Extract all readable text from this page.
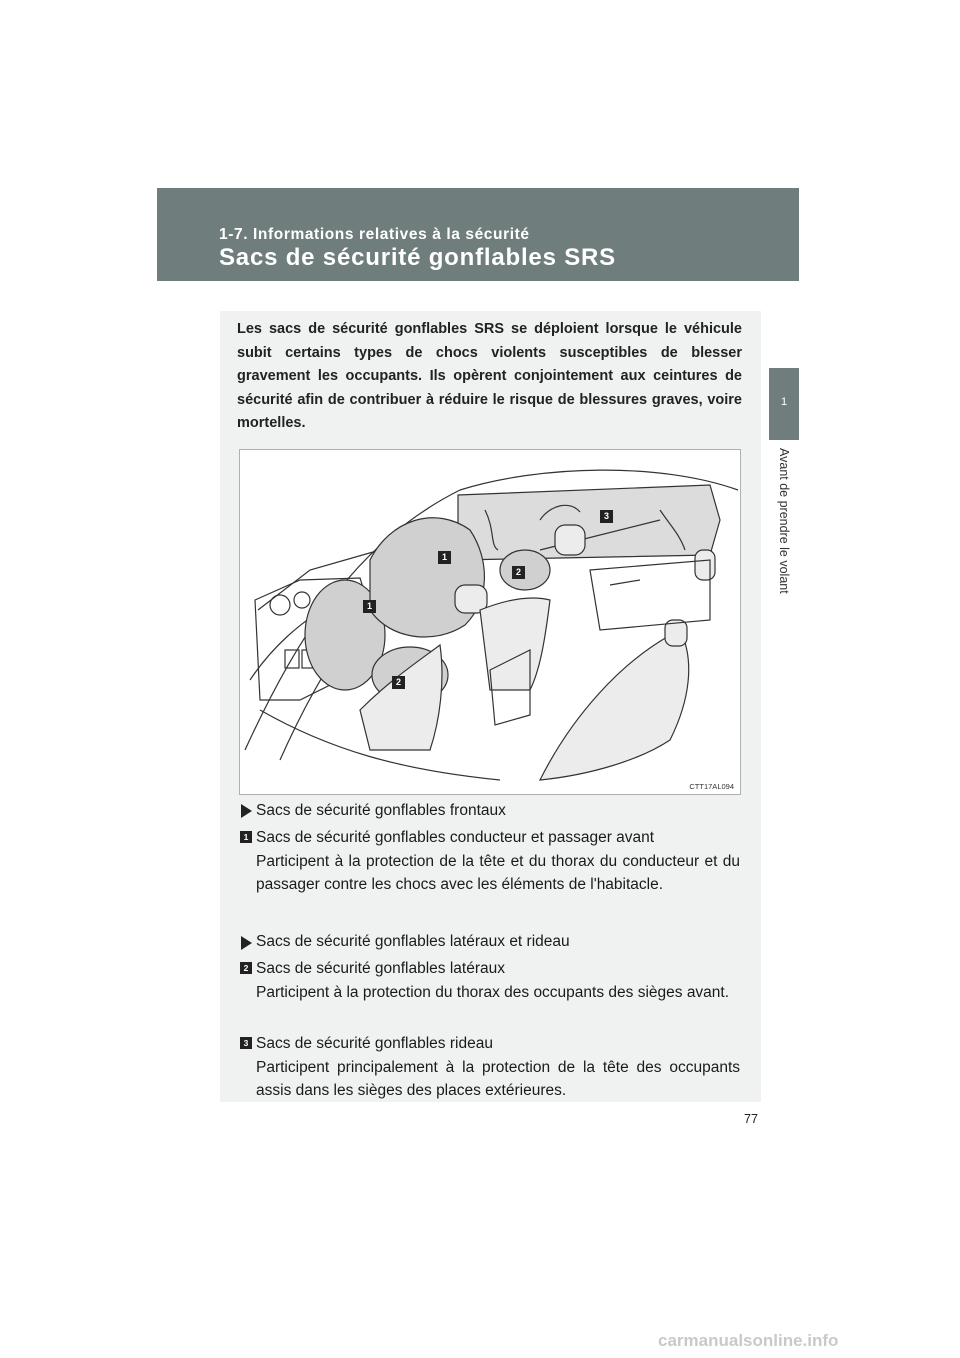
1-7. Informations relatives à la sécurité
Sacs de sécurité gonflables SRS
1
Avant de prendre le volant
Les sacs de sécurité gonflables SRS se déploient lorsque le véhicule subit certains types de chocs violents susceptibles de blesser gravement les occupants. Ils opèrent conjointement aux ceintures de sécurité afin de contribuer à réduire le risque de blessures graves, voire mortelles.
1
1
2
2
3
CTT17AL094
Sacs de sécurité gonflables frontaux
1 Sacs de sécurité gonflables conducteur et passager avant
Participent à la protection de la tête et du thorax du conducteur et du passager contre les chocs avec les éléments de l'habitacle.
Sacs de sécurité gonflables latéraux et rideau
2 Sacs de sécurité gonflables latéraux
Participent à la protection du thorax des occupants des sièges avant.
3 Sacs de sécurité gonflables rideau
Participent principalement à la protection de la tête des occupants assis dans les sièges des places extérieures.
77
carmanualsonline.info
